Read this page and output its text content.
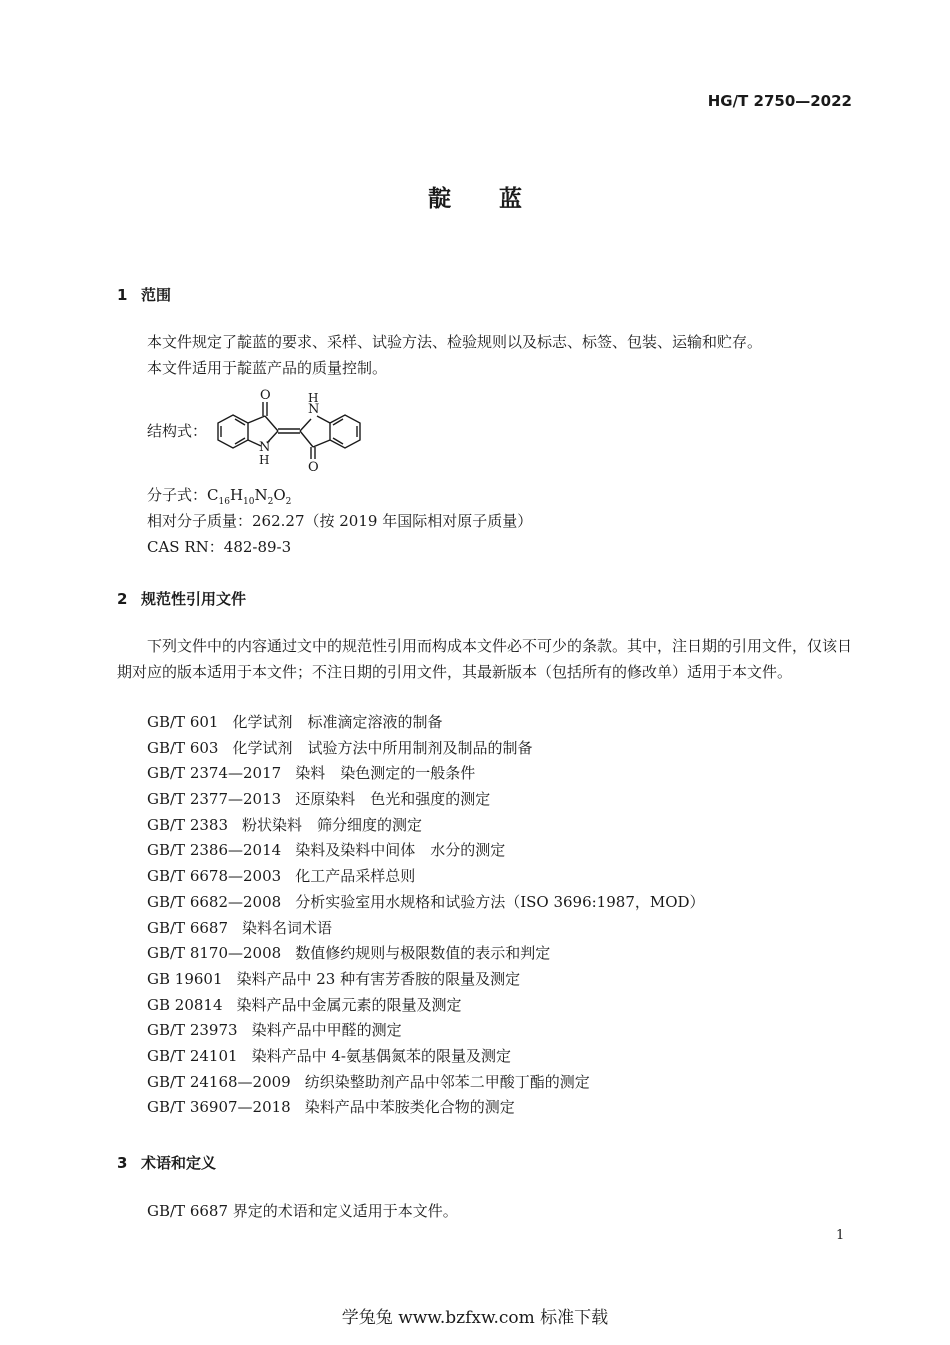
HG/T 2750—2022
靛蓝
1 范围
本文件规定了靛蓝的要求、采样、试验方法、检验规则以及标志、标签、包装、运输和贮存。
本文件适用于靛蓝产品的质量控制。
结构式：
O
N
H
N
H	O
分子式：$C_{16}H_{10}N_2O_2$
相对分子质量：262.27（按 2019 年国际相对原子质量）
CAS RN：482-89-3
2 规范性引用文件
下列文件中的内容通过文中的规范性引用而构成本文件必不可少的条款。其中，注日期的引用文件，仅该日期对应的版本适用于本文件；不注日期的引用文件，其最新版本（包括所有的修改单）适用于本文件。
GB/T 601 化学试剂　标准滴定溶液的制备
GB/T 603 化学试剂　试验方法中所用制剂及制品的制备
GB/T 2374—2017 染料　染色测定的一般条件
GB/T 2377—2013 还原染料　色光和强度的测定
GB/T 2383 粉状染料　筛分细度的测定
GB/T 2386—2014 染料及染料中间体　水分的测定
GB/T 6678—2003 化工产品采样总则
GB/T 6682—2008 分析实验室用水规格和试验方法（ISO 3696:1987，MOD）
GB/T 6687 染料名词术语
GB/T 8170—2008 数值修约规则与极限数值的表示和判定
GB 19601 染料产品中 23 种有害芳香胺的限量及测定
GB 20814 染料产品中金属元素的限量及测定
GB/T 23973 染料产品中甲醛的测定
GB/T 24101 染料产品中 4-氨基偶氮苯的限量及测定
GB/T 24168—2009 纺织染整助剂产品中邻苯二甲酸丁酯的测定
GB/T 36907—2018 染料产品中苯胺类化合物的测定
3 术语和定义
GB/T 6687 界定的术语和定义适用于本文件。
1
学兔兔 www.bzfxw.com 标准下载
